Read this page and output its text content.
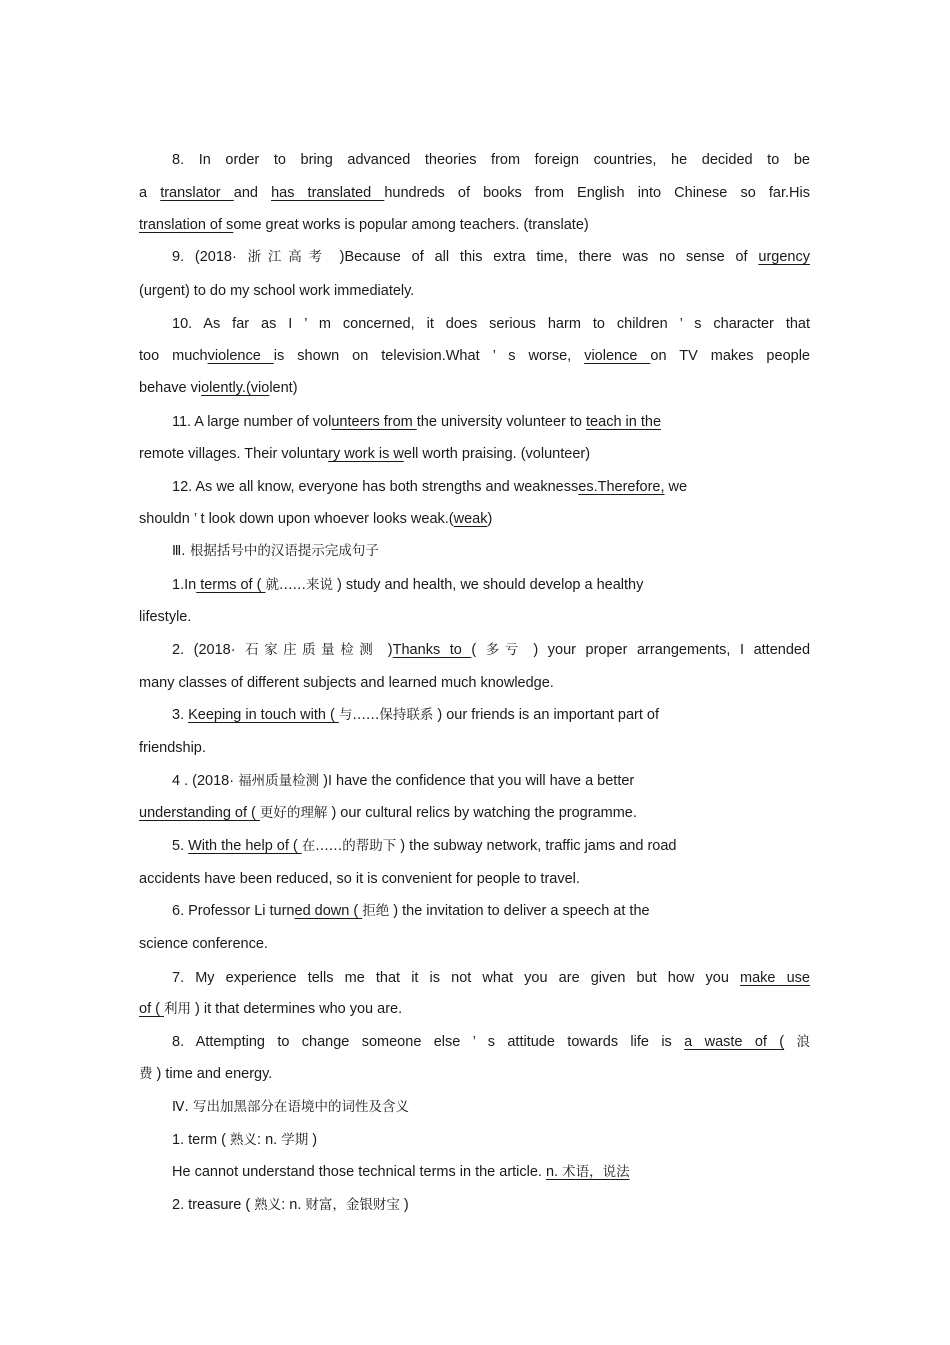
8. In order to bring advanced theories from foreign countries, he decided to be
a translator and has translated hundreds of books from English into Chinese so far.His
translation of some great works is popular among teachers. (translate)
9. (2018· 浙江高考 )Because of all this extra time, there was no sense of urgency
(urgent) to do my school work immediately.
10. As far as I ’ m concerned, it does serious harm to children ’ s character that
too muchviolence is shown on television.What ’ s worse, violence on TV makes people
behave violently.(violent)
11. A large number of volunteers from the university volunteer to teach in the
remote villages. Their voluntary work is well worth praising. (volunteer)
12. As we all know, everyone has both strengths and weaknesses.Therefore, we
shouldn ’ t look down upon whoever looks weak.(weak)
Ⅲ. 根据括号中的汉语提示完成句子
1.In terms of ( 就……来说 ) study and health, we should develop a healthy
lifestyle.
2. (2018· 石家庄质量检测 )Thanks to ( 多亏 ) your proper arrangements, I attended
many classes of different subjects and learned much knowledge.
3. Keeping in touch with ( 与……保持联系 ) our friends is an important part of
friendship.
4 . (2018· 福州质量检测 )I have the confidence that you will have a better
understanding of ( 更好的理解 ) our cultural relics by watching the programme.
5. With the help of ( 在……的帮助下 ) the subway network, traffic jams and road
accidents have been reduced, so it is convenient for people to travel.
6. Professor Li turned down ( 拒绝 ) the invitation to deliver a speech at the
science conference.
7. My experience tells me that it is not what you are given but how you make use
of ( 利用 ) it that determines who you are.
8. Attempting to change someone else ’ s attitude towards life is a waste of ( 浪
费 ) time and energy.
Ⅳ. 写出加黑部分在语境中的词性及含义
1. term ( 熟义: n. 学期 )
He cannot understand those technical terms in the article. n. 术语，说法
2. treasure ( 熟义: n. 财富，金银财宝 )
